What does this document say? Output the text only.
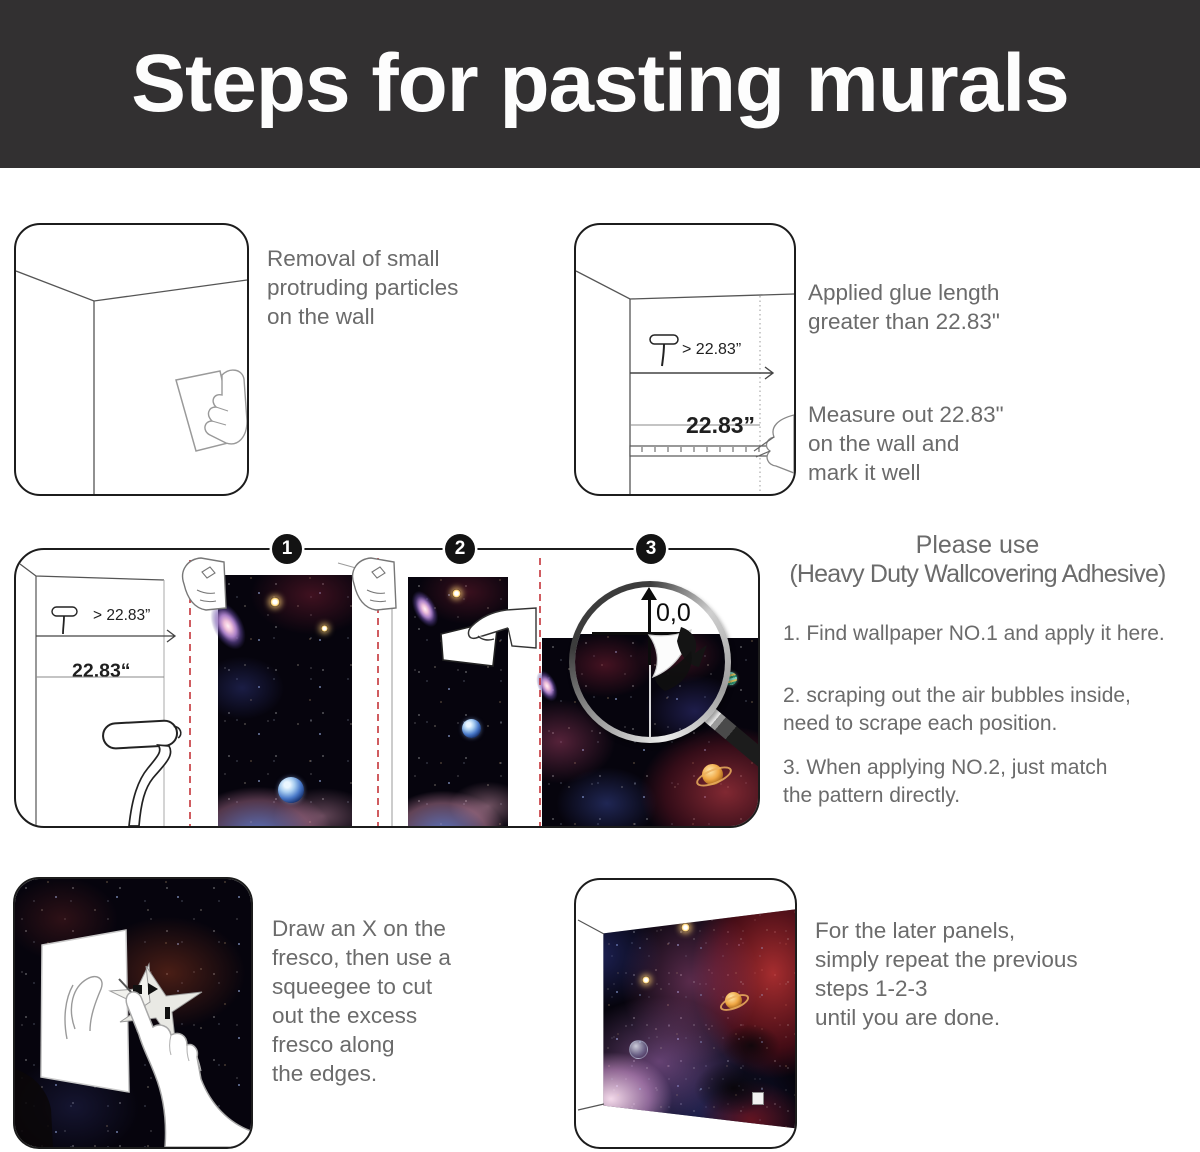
Steps for pasting murals
Removal of small
protruding particles
on the wall
> 22.83”
22.83”
Applied glue length
greater than 22.83"
Measure out 22.83"
on the wall and
mark it well
0,0
1	2	3
> 22.83”
22.83“
Please use
(Heavy Duty Wallcovering Adhesive)
1. Find wallpaper NO.1 and apply it here.
2. scraping out the air bubbles inside,
need to scrape each position.
3. When applying NO.2, just match
the pattern directly.
Draw an X on the
fresco, then use a
squeegee to cut
out the excess
fresco along
the edges.
For the later panels,
simply repeat the previous
steps 1-2-3
until you are done.
